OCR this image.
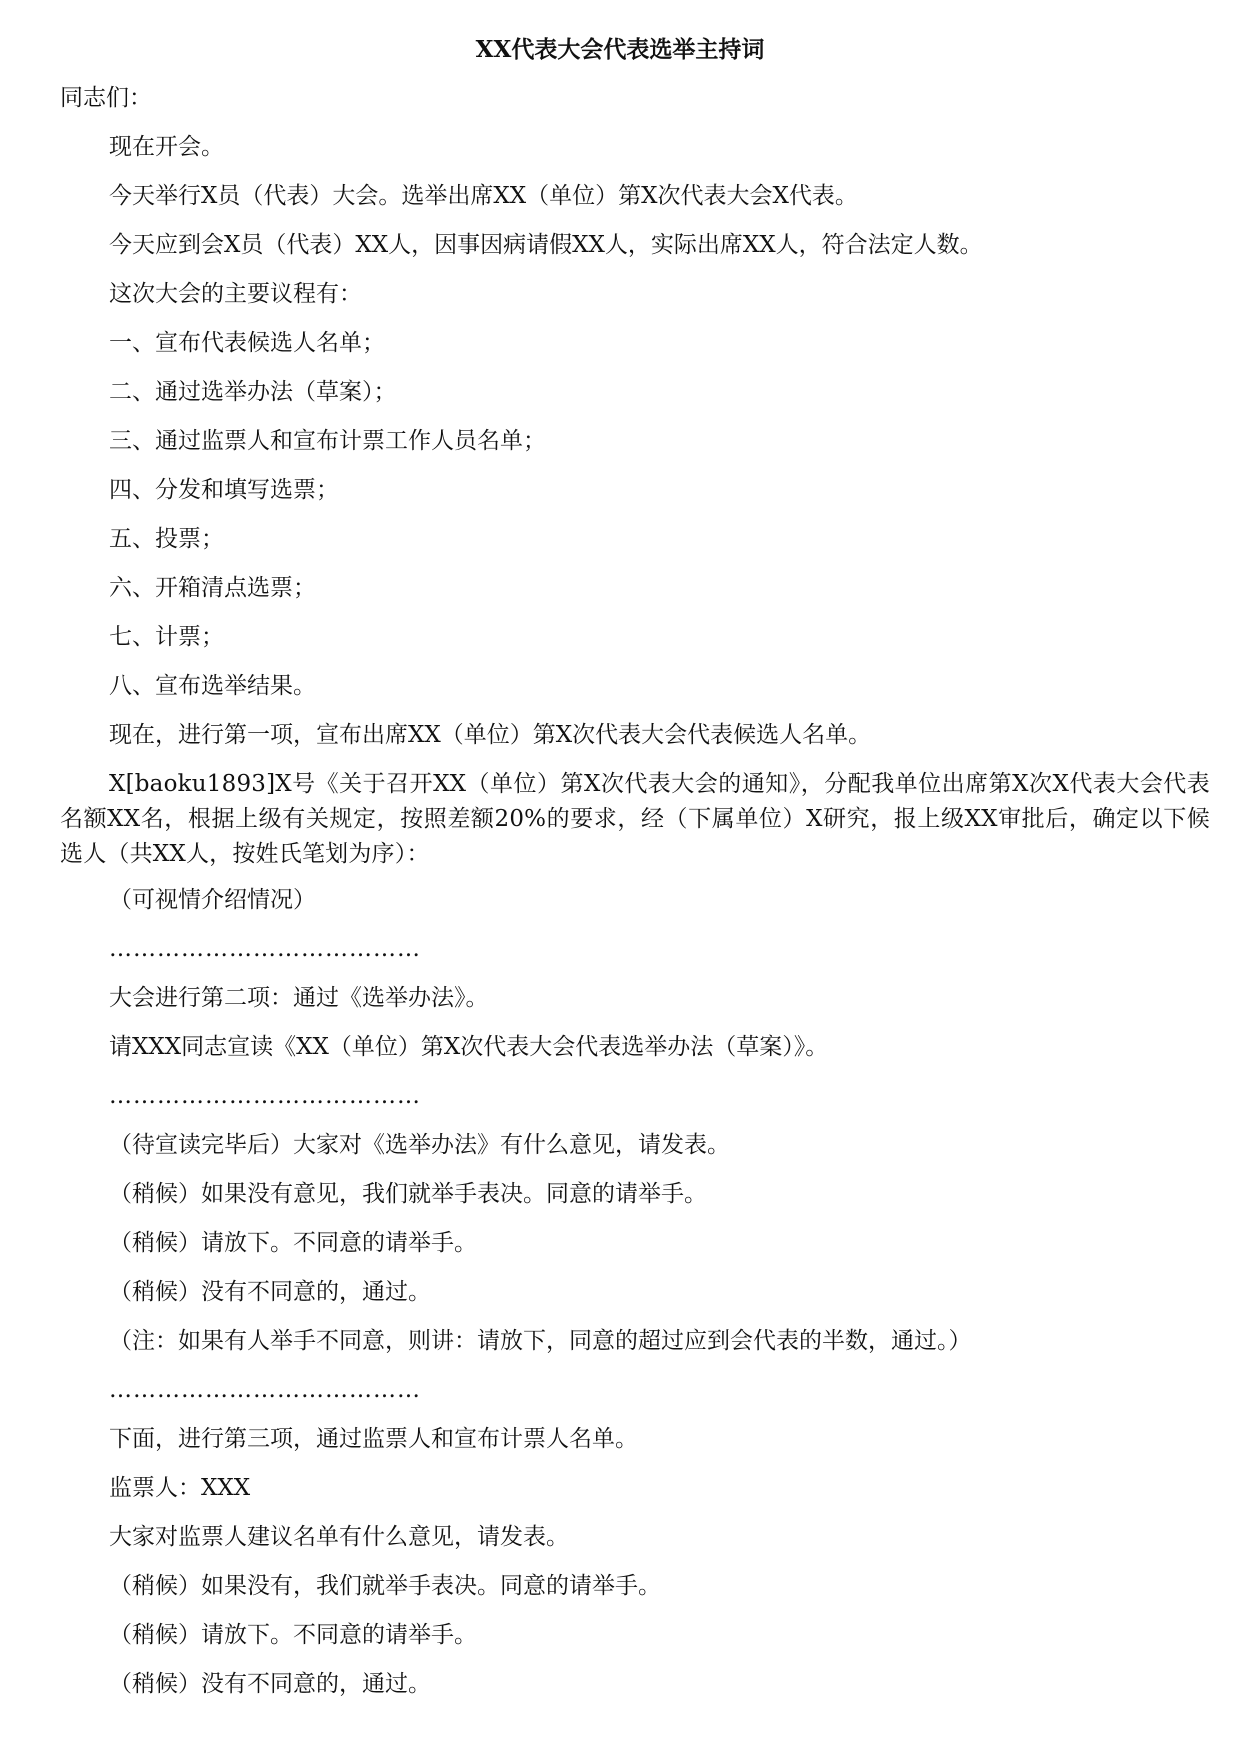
XX代表大会代表选举主持词
同志们：
现在开会。
今天举行X员（代表）大会。选举出席XX（单位）第X次代表大会X代表。
今天应到会X员（代表）XX人，因事因病请假XX人，实际出席XX人，符合法定人数。
这次大会的主要议程有：
一、宣布代表候选人名单；
二、通过选举办法（草案）；
三、通过监票人和宣布计票工作人员名单；
四、分发和填写选票；
五、投票；
六、开箱清点选票；
七、计票；
八、宣布选举结果。
现在，进行第一项，宣布出席XX（单位）第X次代表大会代表候选人名单。
X[baoku1893]X号《关于召开XX（单位）第X次代表大会的通知》，分配我单位出席第X次X代表大会代表名额XX名，根据上级有关规定，按照差额20%的要求，经（下属单位）X研究，报上级XX审批后，确定以下候选人（共XX人，按姓氏笔划为序）：
（可视情介绍情况）
…………………………………
大会进行第二项：通过《选举办法》。
请XXX同志宣读《XX（单位）第X次代表大会代表选举办法（草案）》。
…………………………………
（待宣读完毕后）大家对《选举办法》有什么意见，请发表。
（稍候）如果没有意见，我们就举手表决。同意的请举手。
（稍候）请放下。不同意的请举手。
（稍候）没有不同意的，通过。
（注：如果有人举手不同意，则讲：请放下，同意的超过应到会代表的半数，通过。）
…………………………………
下面，进行第三项，通过监票人和宣布计票人名单。
监票人：XXX
大家对监票人建议名单有什么意见，请发表。
（稍候）如果没有，我们就举手表决。同意的请举手。
（稍候）请放下。不同意的请举手。
（稍候）没有不同意的，通过。
